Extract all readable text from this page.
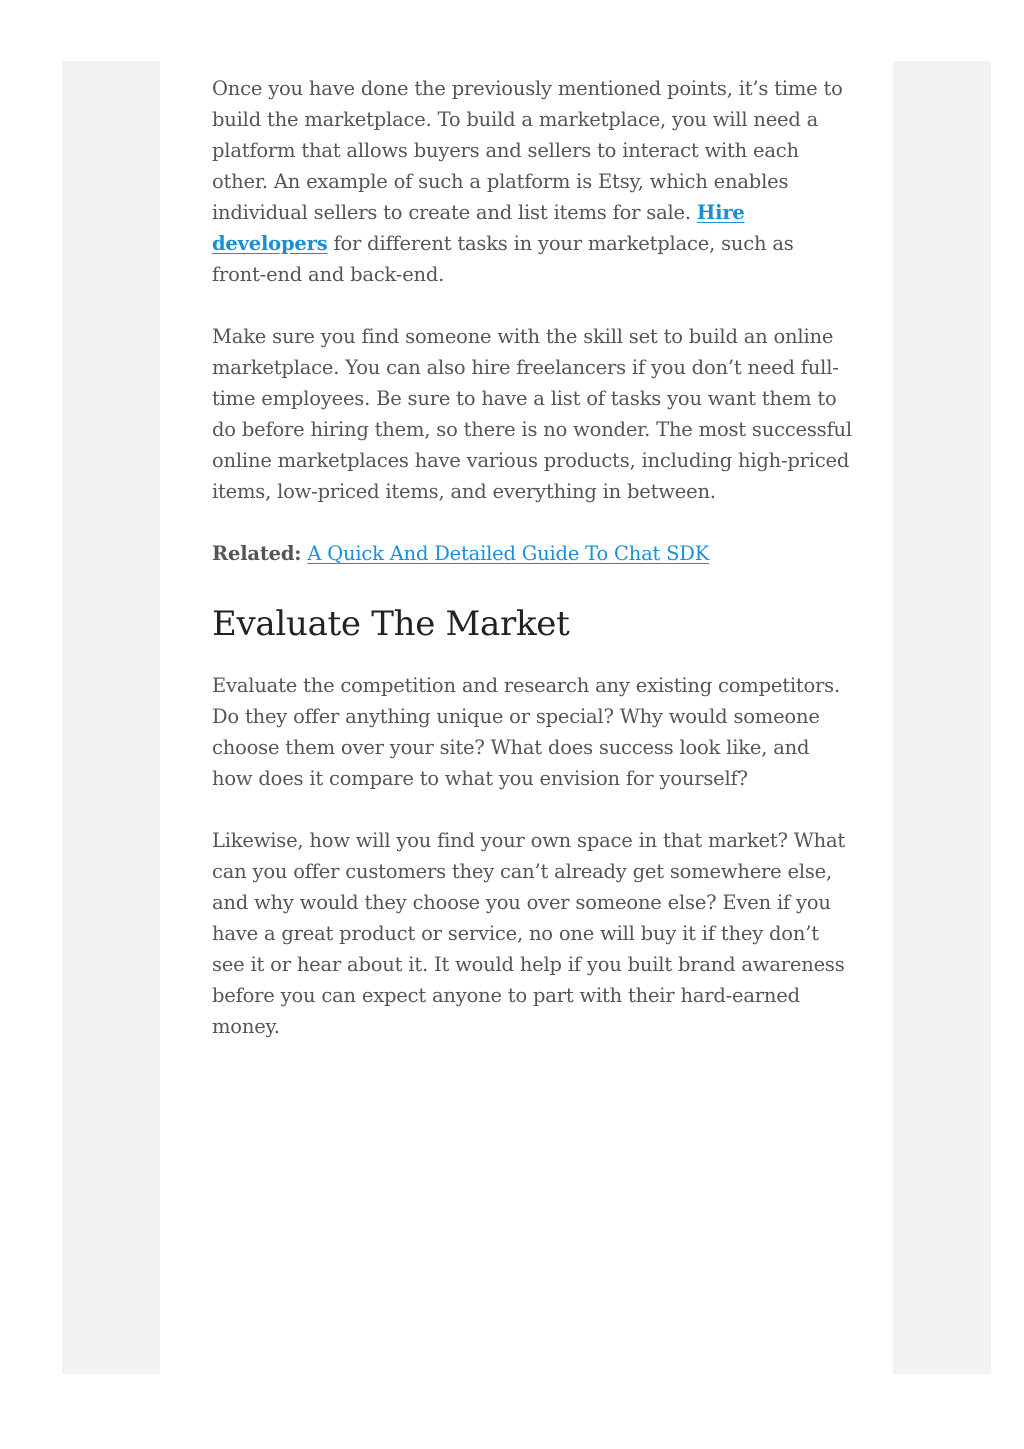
Once you have done the previously mentioned points, it’s time to build the marketplace. To build a marketplace, you will need a platform that allows buyers and sellers to interact with each other. An example of such a platform is Etsy, which enables individual sellers to create and list items for sale. Hire developers for different tasks in your marketplace, such as front-end and back-end.

Make sure you find someone with the skill set to build an online marketplace. You can also hire freelancers if you don’t need full-time employees. Be sure to have a list of tasks you want them to do before hiring them, so there is no wonder. The most successful online marketplaces have various products, including high-priced items, low-priced items, and everything in between.

Related: A Quick And Detailed Guide To Chat SDK

Evaluate The Market

Evaluate the competition and research any existing competitors. Do they offer anything unique or special? Why would someone choose them over your site? What does success look like, and how does it compare to what you envision for yourself?

Likewise, how will you find your own space in that market? What can you offer customers they can’t already get somewhere else, and why would they choose you over someone else? Even if you have a great product or service, no one will buy it if they don’t see it or hear about it. It would help if you built brand awareness before you can expect anyone to part with their hard-earned money.
